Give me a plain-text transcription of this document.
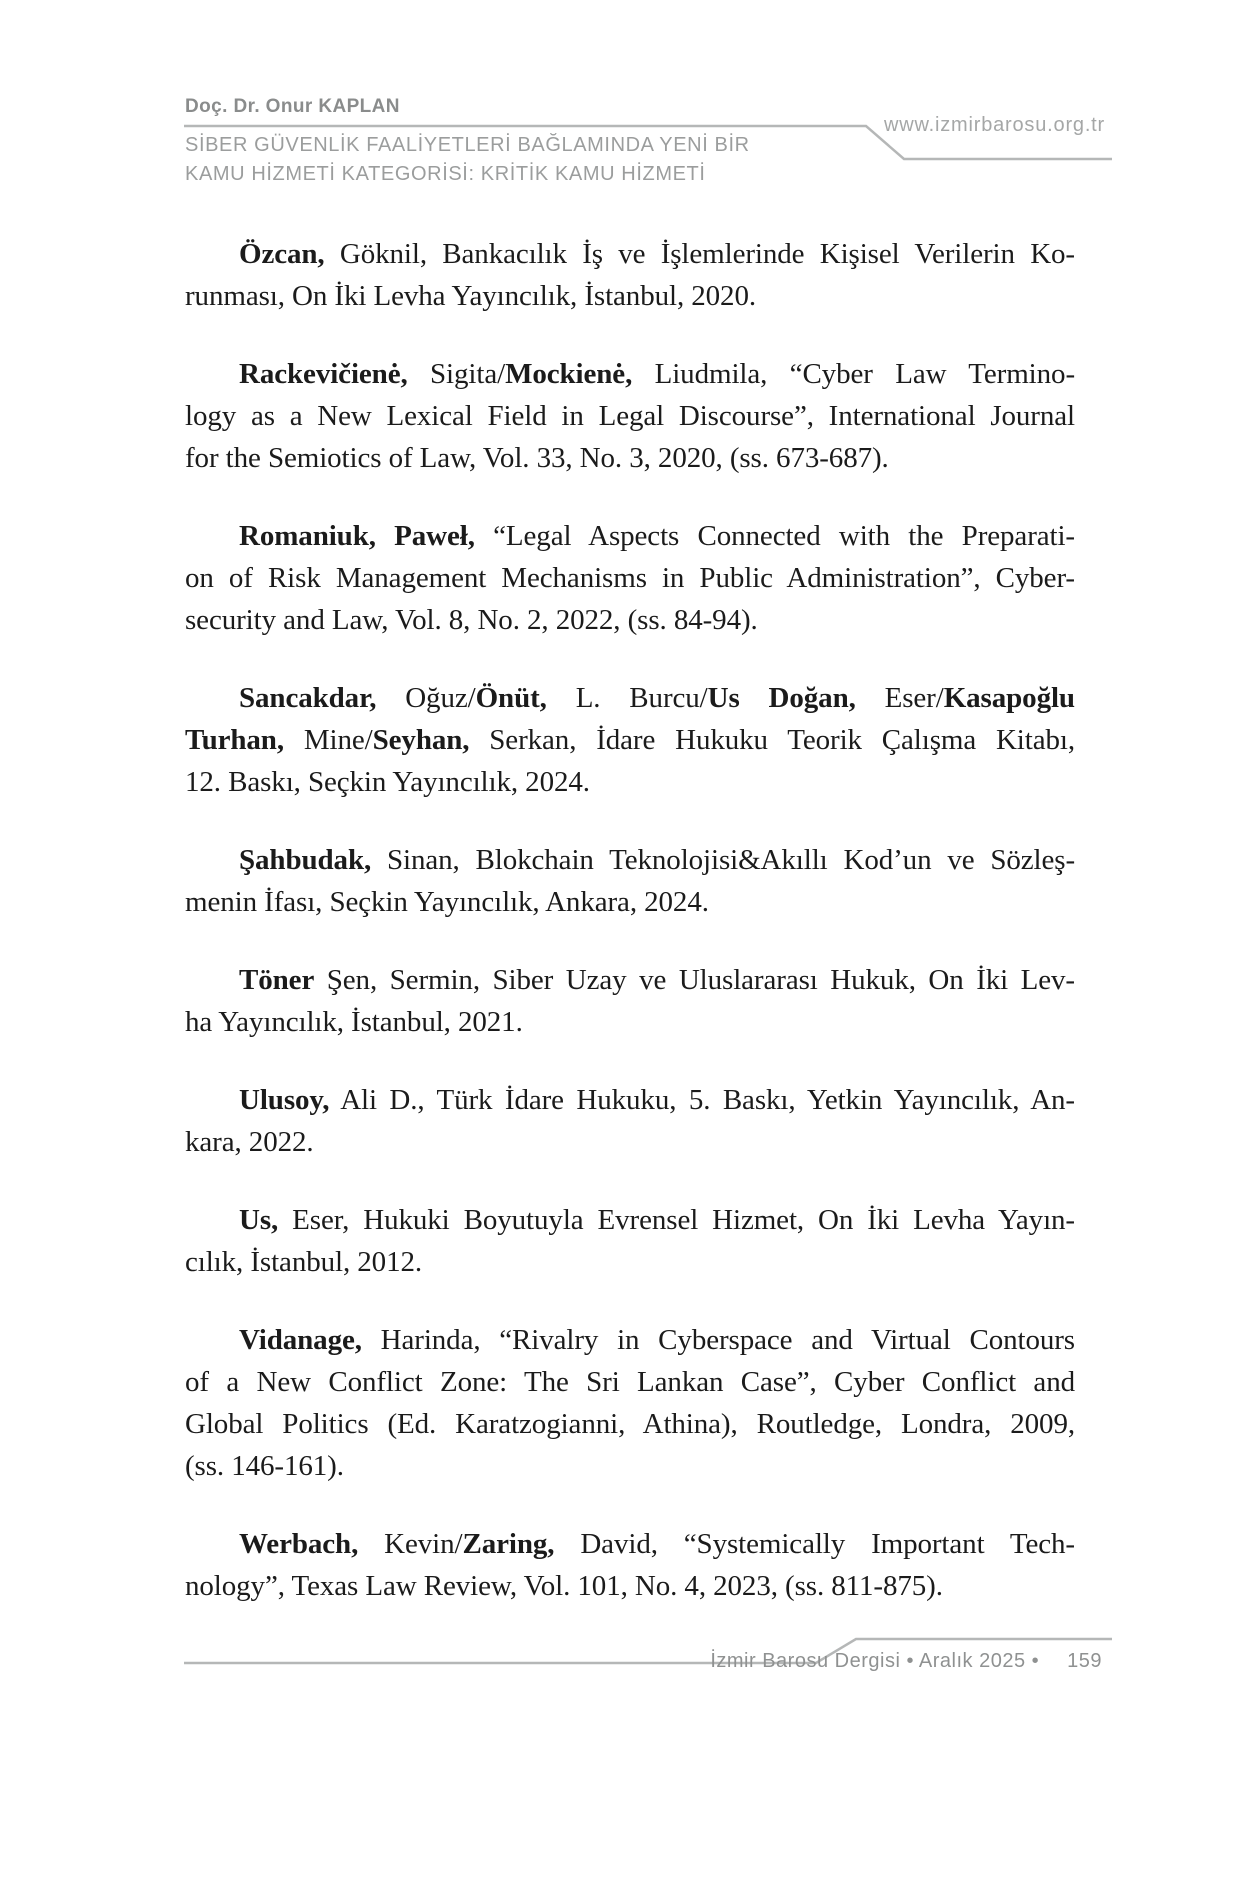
Doç. Dr. Onur KAPLAN
www.izmirbarosu.org.tr
SİBER GÜVENLİK FAALİYETLERİ BAĞLAMINDA YENİ BİR
KAMU HİZMETİ KATEGORİSİ: KRİTİK KAMU HİZMETİ

Özcan, Göknil, Bankacılık İş ve İşlemlerinde Kişisel Verilerin Ko-
runması, On İki Levha Yayıncılık, İstanbul, 2020.

Rackevičienė, Sigita/Mockienė, Liudmila, “Cyber Law Termino-
logy as a New Lexical Field in Legal Discourse”, International Journal
for the Semiotics of Law, Vol. 33, No. 3, 2020, (ss. 673-687).

Romaniuk, Paweł, “Legal Aspects Connected with the Preparati-
on of Risk Management Mechanisms in Public Administration”, Cyber-
security and Law, Vol. 8, No. 2, 2022, (ss. 84-94).

Sancakdar, Oğuz/Önüt, L. Burcu/Us Doğan, Eser/Kasapoğlu
Turhan, Mine/Seyhan, Serkan, İdare Hukuku Teorik Çalışma Kitabı,
12. Baskı, Seçkin Yayıncılık, 2024.

Şahbudak, Sinan, Blokchain Teknolojisi&Akıllı Kod’un ve Sözleş-
menin İfası, Seçkin Yayıncılık, Ankara, 2024.

Töner Şen, Sermin, Siber Uzay ve Uluslararası Hukuk, On İki Lev-
ha Yayıncılık, İstanbul, 2021.

Ulusoy, Ali D., Türk İdare Hukuku, 5. Baskı, Yetkin Yayıncılık, An-
kara, 2022.

Us, Eser, Hukuki Boyutuyla Evrensel Hizmet, On İki Levha Yayın-
cılık, İstanbul, 2012.

Vidanage, Harinda, “Rivalry in Cyberspace and Virtual Contours
of a New Conflict Zone: The Sri Lankan Case”, Cyber Conflict and
Global Politics (Ed. Karatzogianni, Athina), Routledge, Londra, 2009,
(ss. 146-161).

Werbach, Kevin/Zaring, David, “Systemically Important Tech-
nology”, Texas Law Review, Vol. 101, No. 4, 2023, (ss. 811-875).

İzmir Barosu Dergisi • Aralık 2025 • 159
